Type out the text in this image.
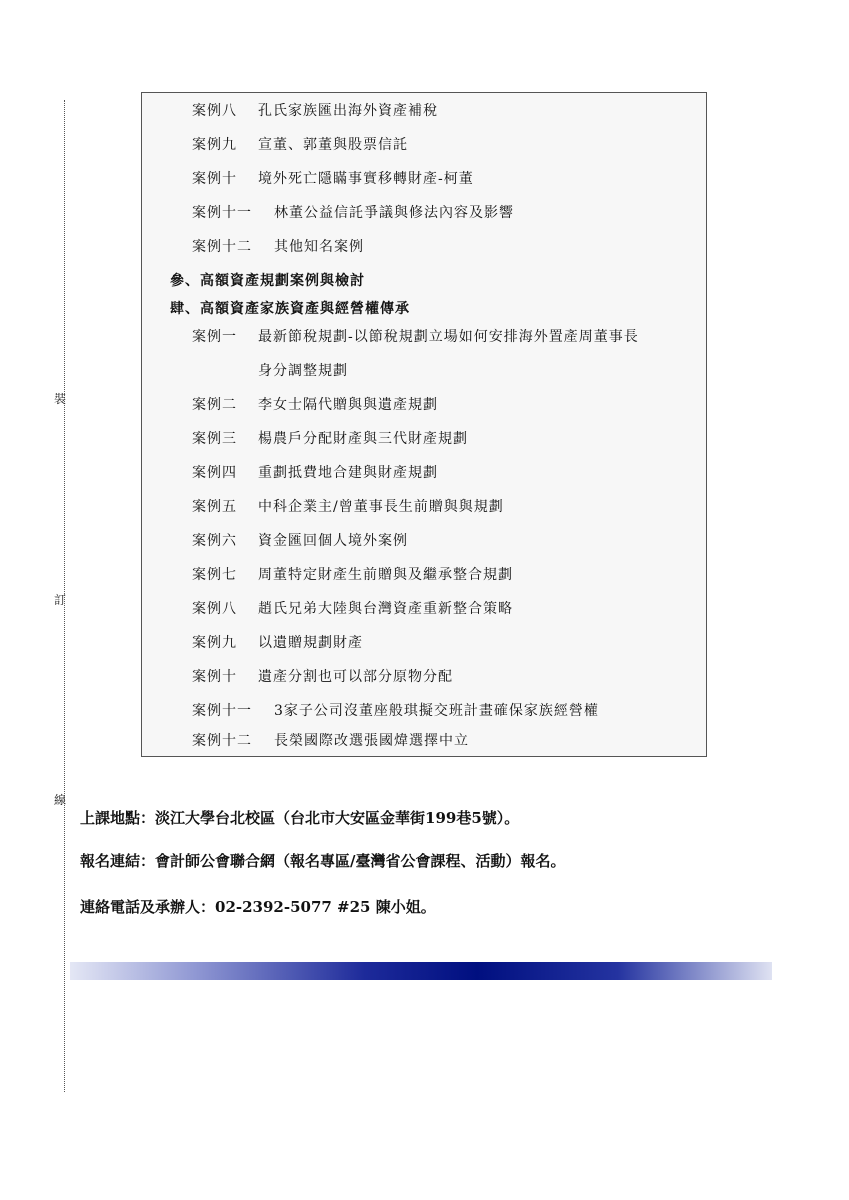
裝
訂
線
案例八 孔氏家族匯出海外資產補稅
案例九 宣董、郭董與股票信託
案例十 境外死亡隱瞞事實移轉財產-柯董
案例十一 林董公益信託爭議與修法內容及影響
案例十二 其他知名案例
參、高額資產規劃案例與檢討
肆、高額資產家族資產與經營權傳承
案例一 最新節稅規劃-以節稅規劃立場如何安排海外置產周董事長
身分調整規劃
案例二 李女士隔代贈與與遺產規劃
案例三 楊農戶分配財產與三代財產規劃
案例四 重劃抵費地合建與財產規劃
案例五 中科企業主/曾董事長生前贈與與規劃
案例六 資金匯回個人境外案例
案例七 周董特定財產生前贈與及繼承整合規劃
案例八 趙氏兄弟大陸與台灣資產重新整合策略
案例九 以遺贈規劃財產
案例十 遺產分割也可以部分原物分配
案例十一 3家子公司沒董座般琪擬交班計畫確保家族經營權
案例十二 長榮國際改選張國煒選擇中立
上課地點：淡江大學台北校區（台北市大安區金華街199巷5號）。
報名連結：會計師公會聯合網（報名專區/臺灣省公會課程、活動）報名。
連絡電話及承辦人：02-2392-5077 #25 陳小姐。
